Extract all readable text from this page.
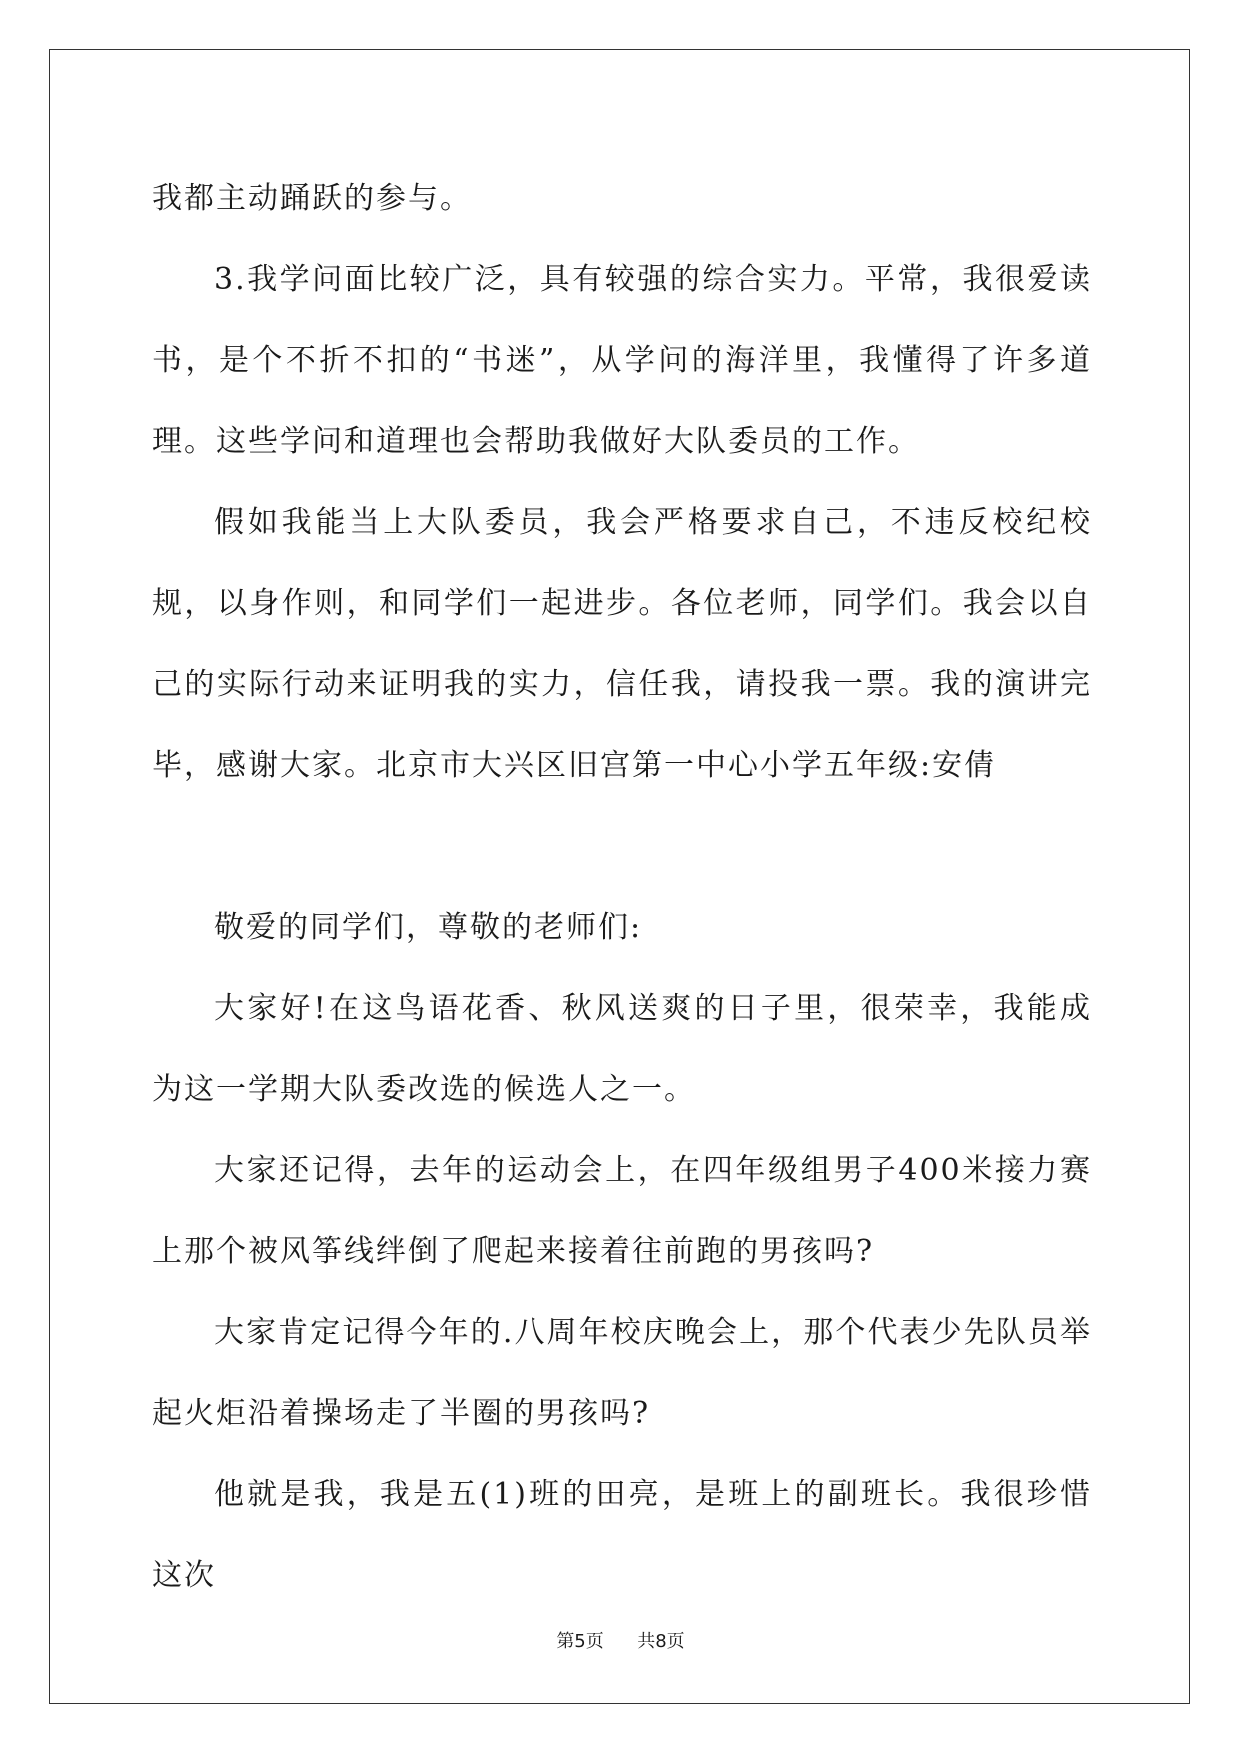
我都主动踊跃的参与。

3.我学问面比较广泛，具有较强的综合实力。平常，我很爱读书，是个不折不扣的“书迷”，从学问的海洋里，我懂得了许多道理。这些学问和道理也会帮助我做好大队委员的工作。

假如我能当上大队委员，我会严格要求自己，不违反校纪校规，以身作则，和同学们一起进步。各位老师，同学们。我会以自己的实际行动来证明我的实力，信任我，请投我一票。我的演讲完毕，感谢大家。北京市大兴区旧宫第一中心小学五年级:安倩

敬爱的同学们，尊敬的老师们:

大家好!在这鸟语花香、秋风送爽的日子里，很荣幸，我能成为这一学期大队委改选的候选人之一。

大家还记得，去年的运动会上，在四年级组男子400米接力赛上那个被风筝线绊倒了爬起来接着往前跑的男孩吗?

大家肯定记得今年的.八周年校庆晚会上，那个代表少先队员举起火炬沿着操场走了半圈的男孩吗?

他就是我，我是五(1)班的田亮，是班上的副班长。我很珍惜这次

第5页 共8页
